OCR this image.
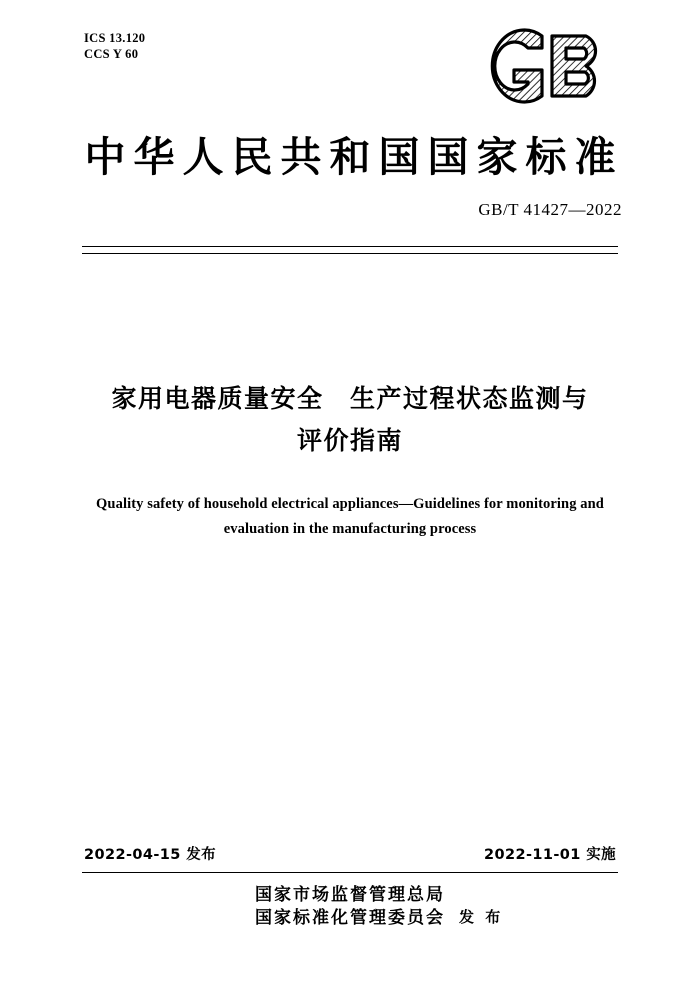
ICS 13.120
CCS Y 60
中华人民共和国国家标准
GB/T 41427—2022
家用电器质量安全　生产过程状态监测与
评价指南
Quality safety of household electrical appliances—Guidelines for monitoring and evaluation in the manufacturing process
2022-04-15 发布	2022-11-01 实施
国家市场监督管理总局
国家标准化管理委员会 发 布
